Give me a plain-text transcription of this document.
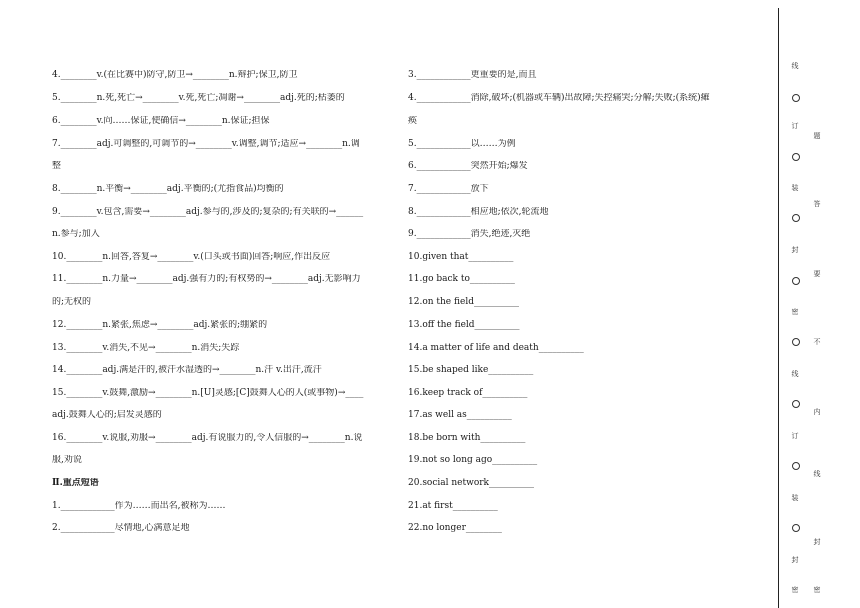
4.________v.(在比赛中)防守,防卫→________n.辩护;保卫,防卫
5.________n.死,死亡→________v.死,死亡;凋谢→________adj.死的;枯萎的
6.________v.向……保证,使确信→________n.保证;担保
7.________adj.可调整的,可调节的→________v.调整,调节;适应→________n.调
整
8.________n.平衡→________adj.平衡的;(尤指食品)均衡的
9.________v.包含,需要→________adj.参与的,涉及的;复杂的;有关联的→______
n.参与;加入
10.________n.回答,答复→________v.(口头或书面)回答;响应,作出反应
11.________n.力量→________adj.强有力的;有权势的→________adj.无影响力
的;无权的
12.________n.紧张,焦虑→________adj.紧张的;绷紧的
13.________v.消失,不见→________n.消失;失踪
14.________adj.满是汗的,被汗水湿透的→________n.汗 v.出汗,流汗
15.________v.鼓舞,激励→________n.[U]灵感;[C]鼓舞人心的人(或事物)→____
adj.鼓舞人心的;启发灵感的
16.________v.说服,劝服→________adj.有说服力的,令人信服的→________n.说
服,劝说
Ⅱ.重点短语
1.____________作为……而出名,被称为……
2.____________尽情地,心满意足地
3.____________更重要的是,而且
4.____________消除,破坏;(机器或车辆)出故障;失控痛哭;分解;失败;(系统)瘫
痪
5.____________以……为例
6.____________突然开始;爆发
7.____________放下
8.____________相应地;依次,轮流地
9.____________消失,绝迹,灭绝
10.given that__________
11.go back to__________
12.on the field__________
13.off the field__________
14.a matter of life and death__________
15.be shaped like__________
16.keep track of__________
17.as well as__________
18.be born with__________
19.not so long ago__________
20.social network__________
21.at first__________
22.no longer________
线
订
装
封
密
线
订
装
封
密
题
答
要
不
内
线
封
密
